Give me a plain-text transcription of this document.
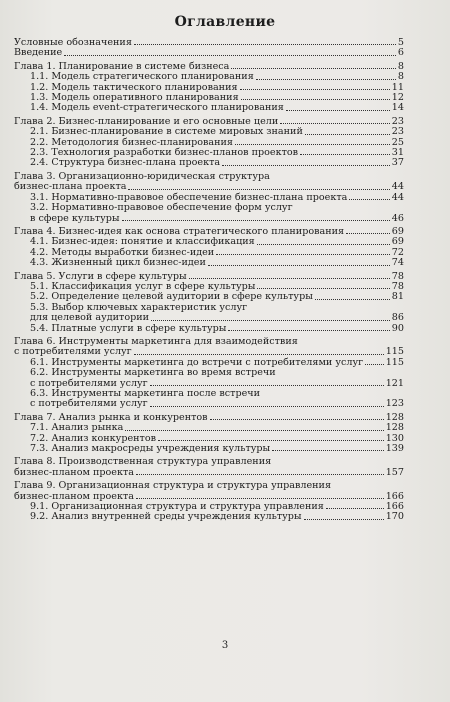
Оглавление
Условные обозначения	5
Введение	6
Глава 1. Планирование в системе бизнеса	8
1.1. Модель стратегического планирования	8
1.2. Модель тактического планирования	11
1.3. Модель оперативного планирования	12
1.4. Модель event-стратегического планирования	14
Глава 2. Бизнес-планирование и его основные цели	23
2.1. Бизнес-планирование в системе мировых знаний	23
2.2. Методология бизнес-планирования	25
2.3. Технология разработки бизнес-планов проектов	31
2.4. Структура бизнес-плана проекта	37
Глава 3. Организационно-юридическая структура
бизнес-плана проекта	44
3.1. Нормативно-правовое обеспечение бизнес-плана проекта	44
3.2. Нормативно-правовое обеспечение форм услуг
в сфере культуры	46
Глава 4. Бизнес-идея как основа стратегического планирования	69
4.1. Бизнес-идея: понятие и классификация	69
4.2. Методы выработки бизнес-идеи	72
4.3. Жизненный цикл бизнес-идеи	74
Глава 5. Услуги в сфере культуры	78
5.1. Классификация услуг в сфере культуры	78
5.2. Определение целевой аудитории в сфере культуры	81
5.3. Выбор ключевых характеристик услуг
для целевой аудитории	86
5.4. Платные услуги в сфере культуры	90
Глава 6. Инструменты маркетинга для взаимодействия
с потребителями услуг	115
6.1. Инструменты маркетинга до встречи с потребителями услуг 115
6.2. Инструменты маркетинга во время встречи
с потребителями услуг	121
6.3. Инструменты маркетинга после встречи
с потребителями услуг	123
Глава 7. Анализ рынка и конкурентов	128
7.1. Анализ рынка	128
7.2. Анализ конкурентов	130
7.3. Анализ макросреды учреждения культуры	139
Глава 8. Производственная структура управления
бизнес-планом проекта	157
Глава 9. Организационная структура и структура управления
бизнес-планом проекта	166
9.1. Организационная структура и структура управления	166
9.2. Анализ внутренней среды учреждения культуры	170
3
